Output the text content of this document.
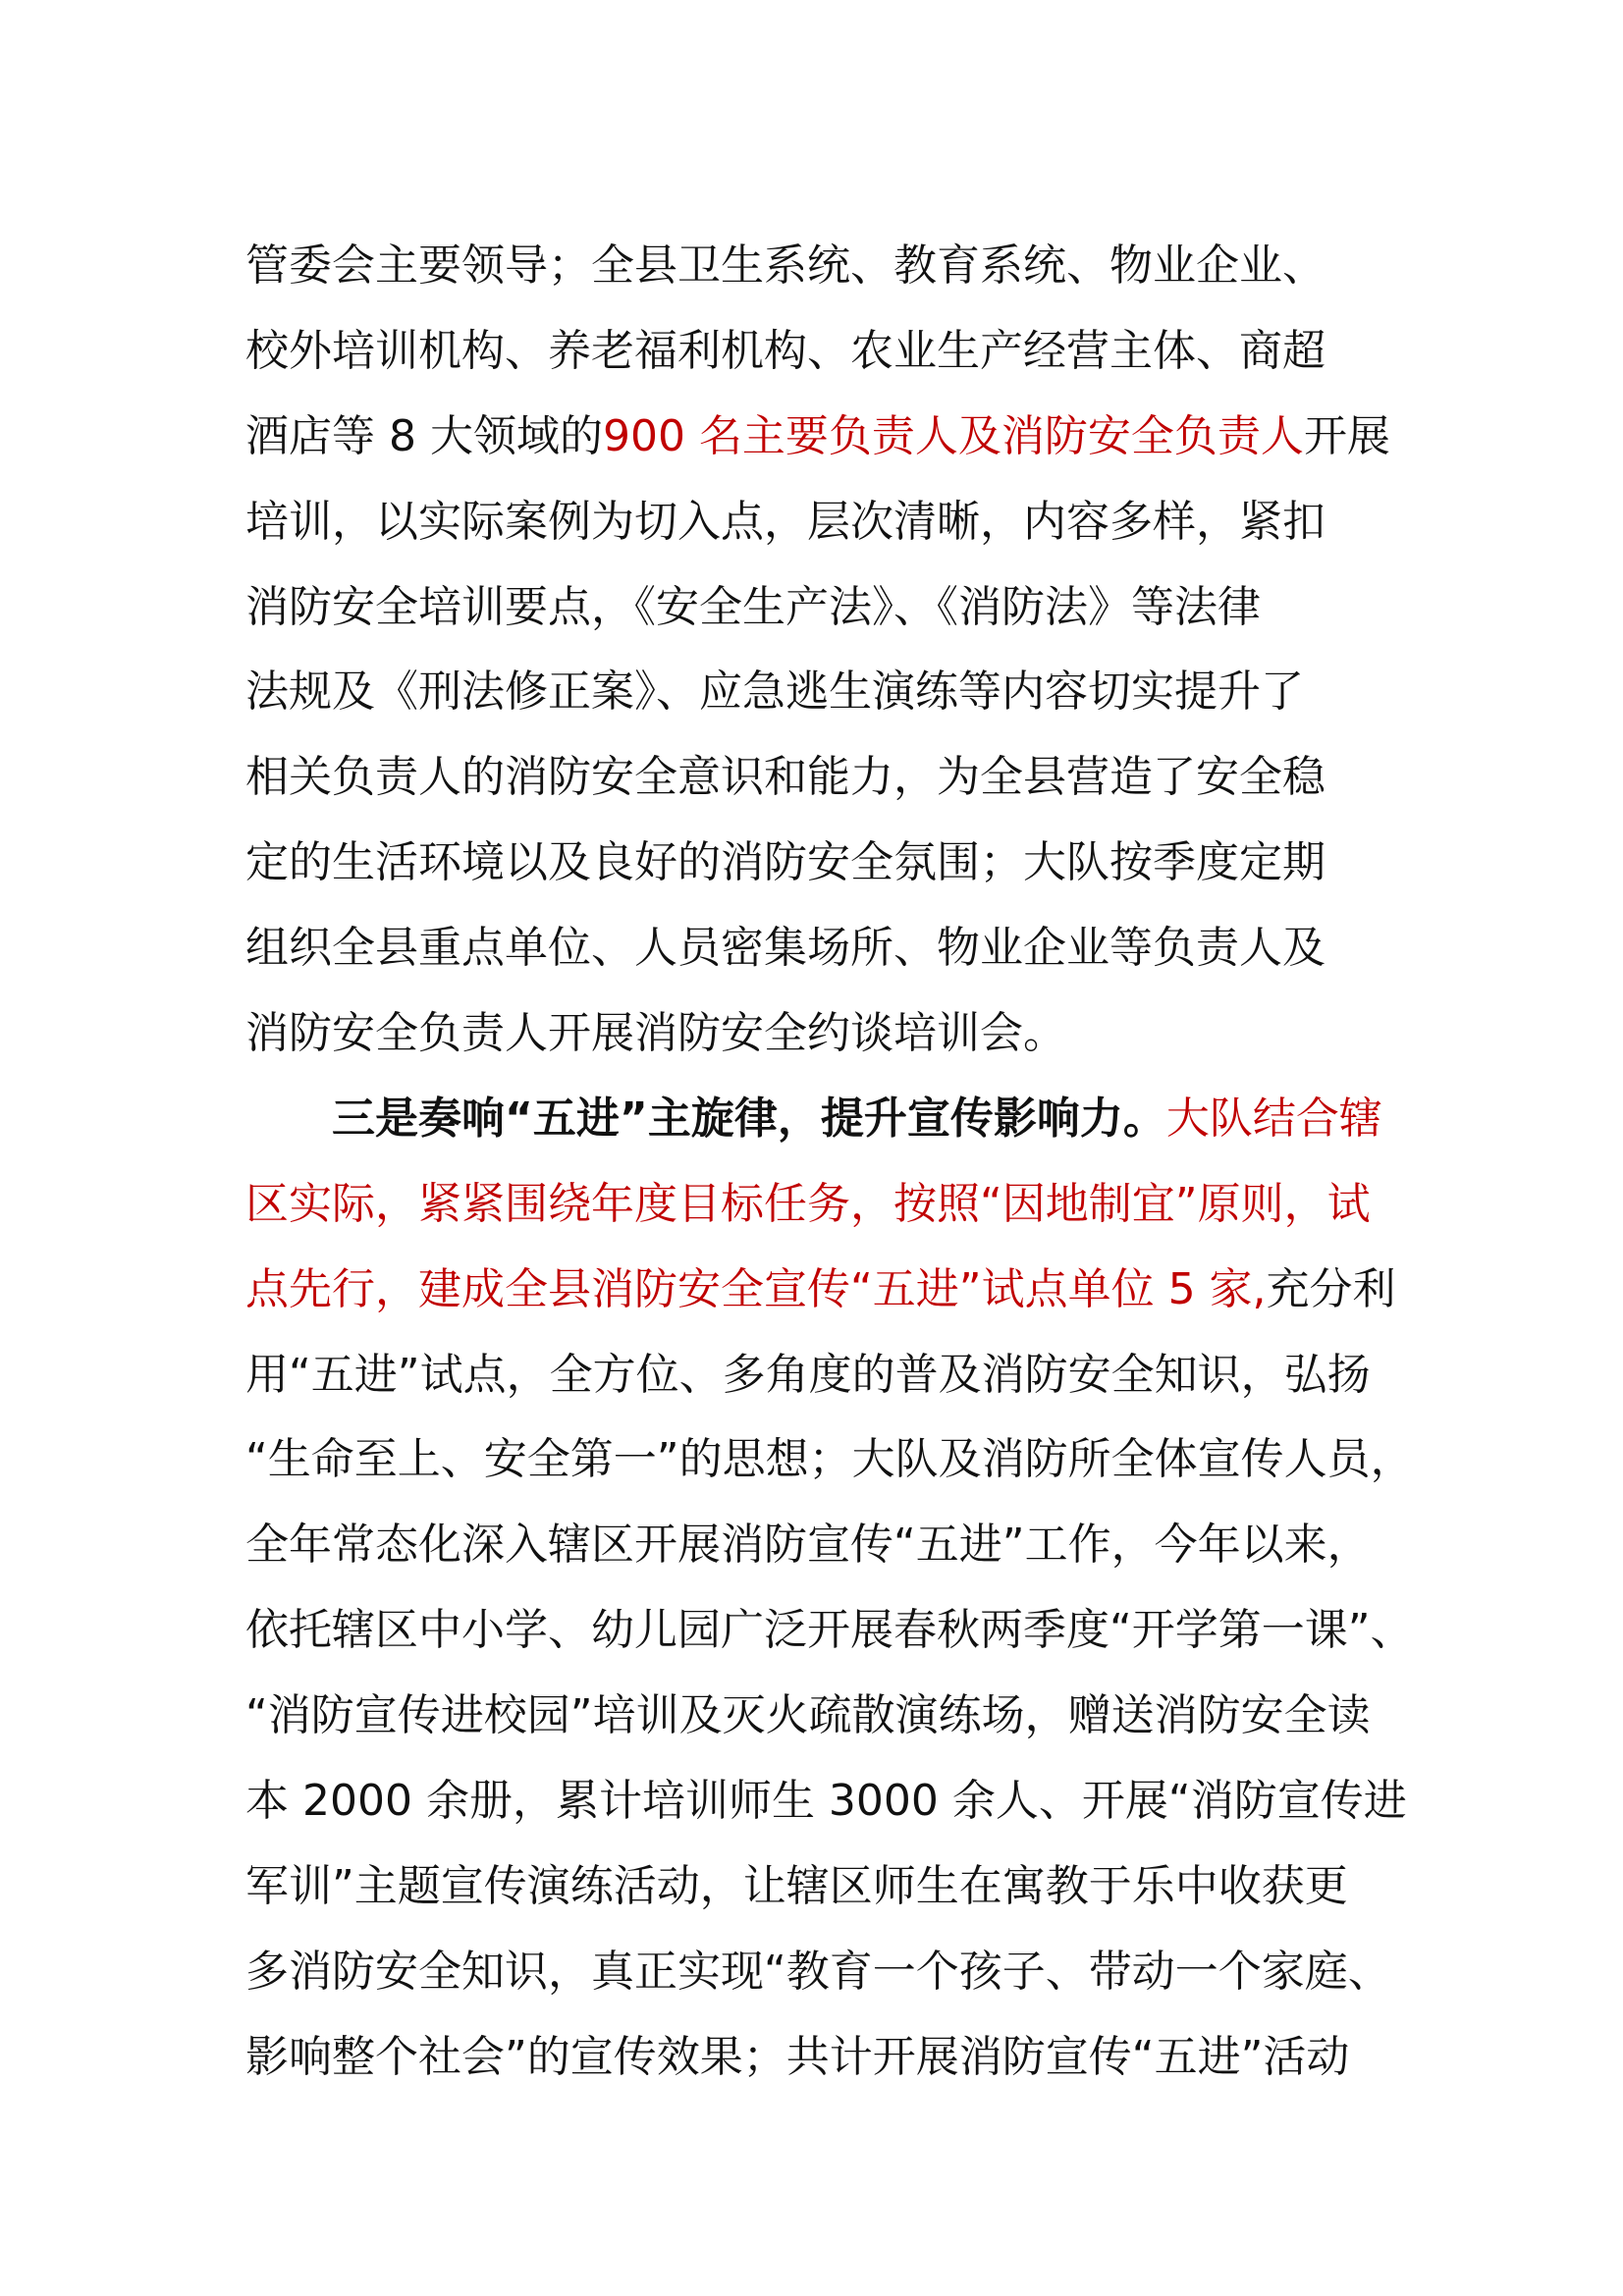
管委会主要领导；全县卫生系统、教育系统、物业企业、
校外培训机构、养老福利机构、农业生产经营主体、商超
酒店等 8 大领域的900 名主要负责人及消防安全负责人开展
培训，以实际案例为切入点，层次清晰，内容多样，紧扣
消防安全培训要点，《安全生产法》、《消防法》等法律
法规及《刑法修正案》、应急逃生演练等内容切实提升了
相关负责人的消防安全意识和能力，为全县营造了安全稳
定的生活环境以及良好的消防安全氛围；大队按季度定期
组织全县重点单位、人员密集场所、物业企业等负责人及
消防安全负责人开展消防安全约谈培训会。
三是奏响“五进”主旋律，提升宣传影响力。大队结合辖
区实际，紧紧围绕年度目标任务，按照“因地制宜”原则，试
点先行，建成全县消防安全宣传“五进”试点单位 5 家,充分利
用“五进”试点，全方位、多角度的普及消防安全知识，弘扬
“生命至上、安全第一”的思想；大队及消防所全体宣传人员，
全年常态化深入辖区开展消防宣传“五进”工作，今年以来，
依托辖区中小学、幼儿园广泛开展春秋两季度“开学第一课”、
“消防宣传进校园”培训及灭火疏散演练场，赠送消防安全读
本 2000 余册，累计培训师生 3000 余人、开展“消防宣传进
军训”主题宣传演练活动，让辖区师生在寓教于乐中收获更
多消防安全知识，真正实现“教育一个孩子、带动一个家庭、
影响整个社会”的宣传效果；共计开展消防宣传“五进”活动
